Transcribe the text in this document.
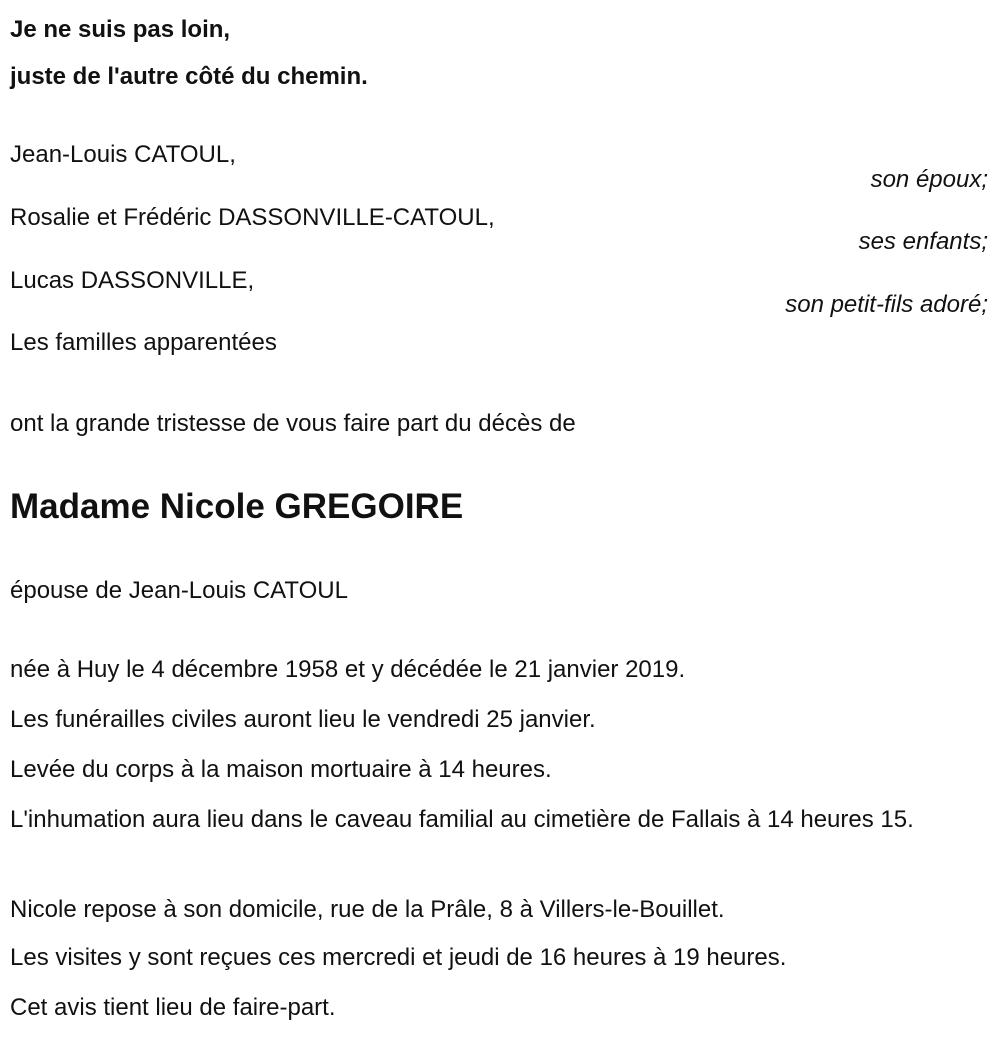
Je ne suis pas loin,
juste de l'autre côté du chemin.
Jean-Louis CATOUL,
son époux;
Rosalie et Frédéric DASSONVILLE-CATOUL,
ses enfants;
Lucas DASSONVILLE,
son petit-fils adoré;
Les familles apparentées
ont la grande tristesse de vous faire part du décès de
Madame Nicole GREGOIRE
épouse de Jean-Louis CATOUL
née à Huy le 4 décembre 1958 et y décédée le 21 janvier 2019.
Les funérailles civiles auront lieu le vendredi 25 janvier.
Levée du corps à la maison mortuaire à 14 heures.
L'inhumation aura lieu dans le caveau familial au cimetière de Fallais à 14 heures 15.
Nicole repose à son domicile, rue de la Prâle, 8 à Villers-le-Bouillet.
Les visites y sont reçues ces mercredi et jeudi de 16 heures à 19 heures.
Cet avis tient lieu de faire-part.
